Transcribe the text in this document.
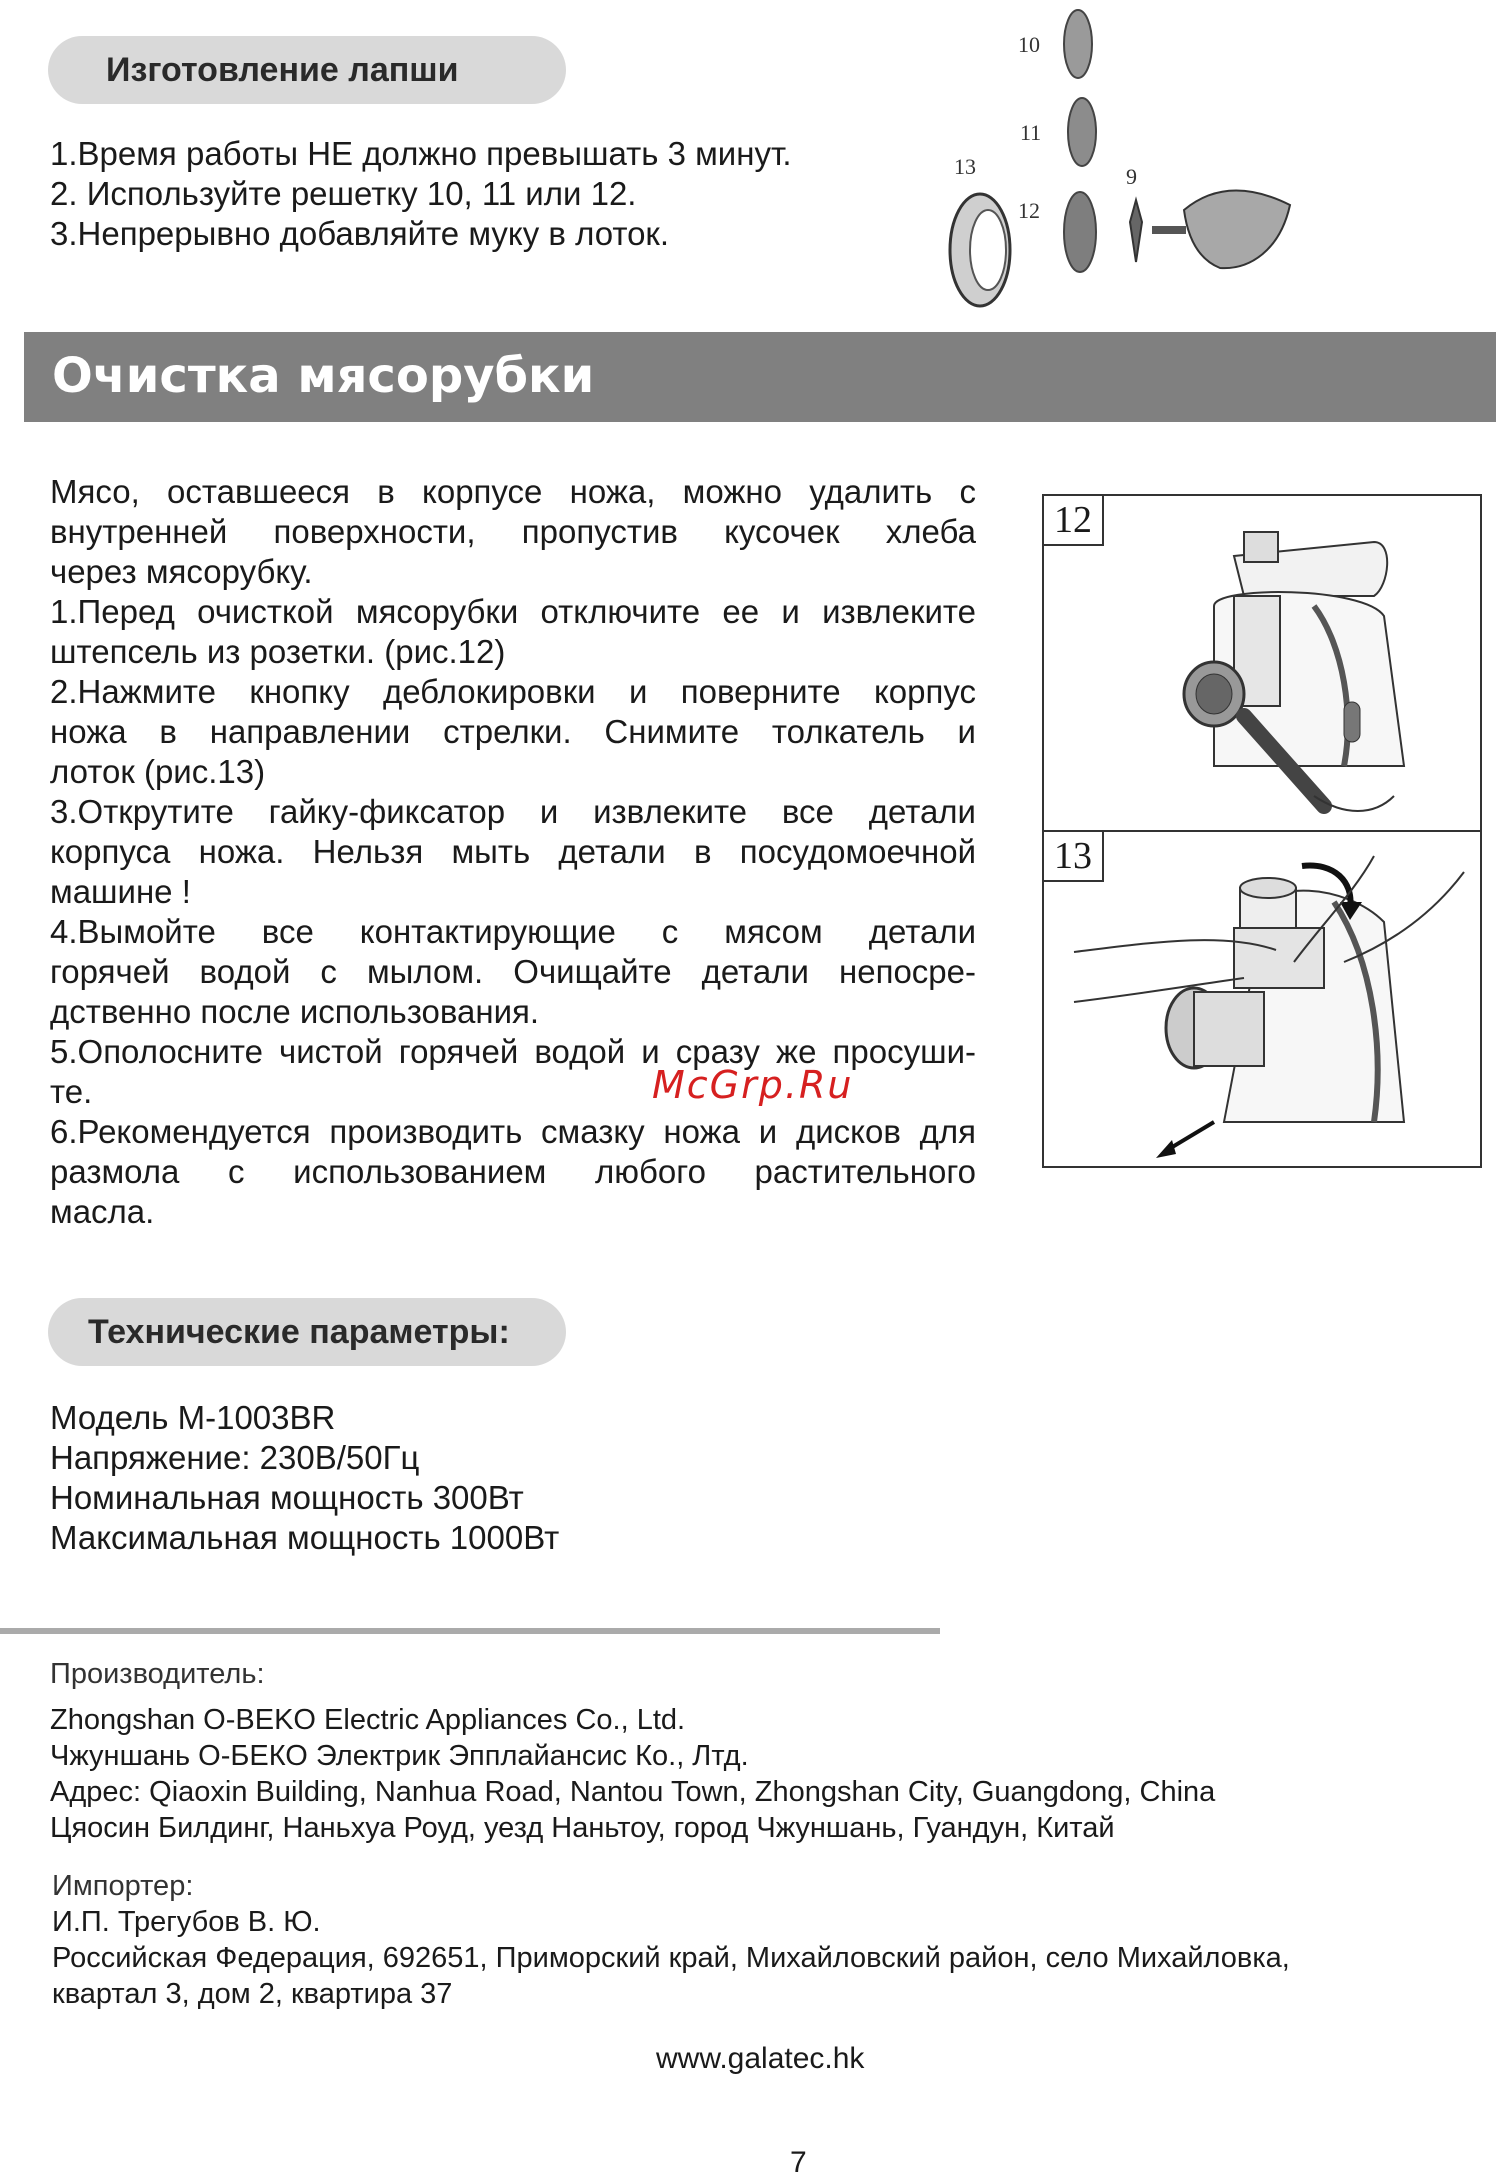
Изготовление лапши
1.Время работы НЕ должно превышать 3 минут.
2. Используйте решетку 10, 11 или 12.
3.Непрерывно добавляйте муку в лоток.
10
11
12
13	9
Очистка мясорубки
Мясо, оставшееся в корпусе ножа, можно удалить с
внутренней поверхности, пропустив кусочек хлеба
через мясорубку.
1.Перед очисткой мясорубки отключите ее и извлеките
штепсель из розетки. (рис.12)
2.Нажмите кнопку деблокировки и поверните корпус
ножа в направлении стрелки. Снимите толкатель и
лоток (рис.13)
3.Открутите гайку-фиксатор и извлеките все детали
корпуса ножа. Нельзя мыть детали в посудомоечной
машине !
4.Вымойте все контактирующие с мясом детали
горячей водой с мылом. Очищайте детали непосре-
дственно после использования.
5.Ополосните чистой горячей водой и сразу же просуши-
те.
6.Рекомендуется производить смазку ножа и дисков для
размола с использованием любого растительного
масла.
12
13
McGrp.Ru
Технические параметры:
Модель M-1003BR
Напряжение: 230В/50Гц
Номинальная мощность 300Вт
Максимальная мощность 1000Вт
Производитель:
Zhongshan O-BEKO Electric Appliances Co., Ltd.
Чжуншань О-БЕКО Электрик Эпплайансис Ко., Лтд.
Адрес: Qiaoxin Building, Nanhua Road, Nantou Town, Zhongshan City, Guangdong, China
Цяосин Билдинг, Наньхуа Роуд, уезд Наньтоу, город Чжуншань, Гуандун, Китай
Импортер:
И.П. Трегубов В. Ю.
Российская Федерация, 692651, Приморский край, Михайловский район, село Михайловка,
квартал 3, дом 2, квартира 37
www.galatec.hk
7
